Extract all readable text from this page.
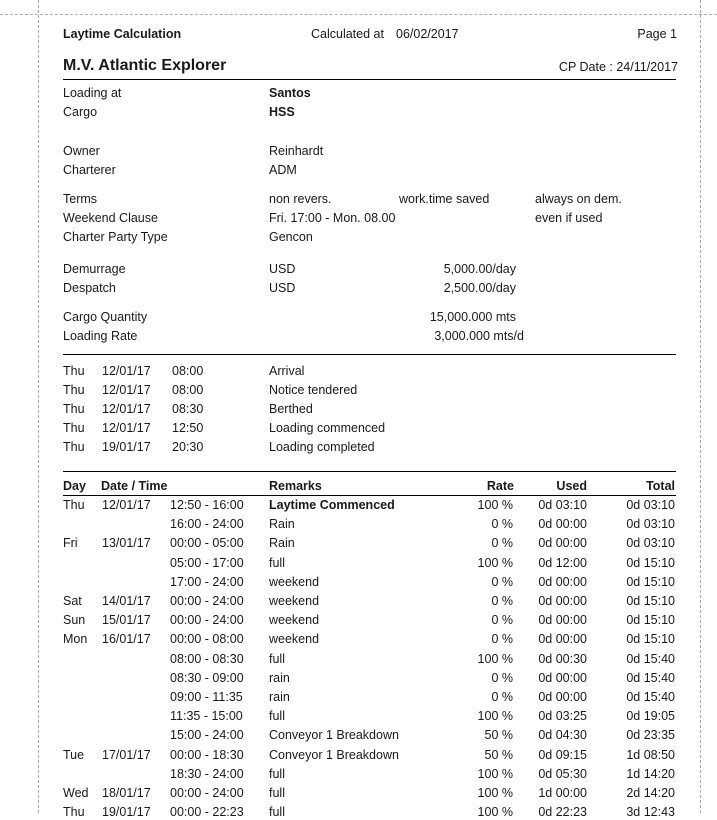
Laytime Calculation	Calculated at 06/02/2017	Page 1
M.V. Atlantic Explorer	CP Date : 24/11/2017
Loading at	Santos
Cargo	HSS
Owner	Reinhardt
Charterer	ADM
Terms	non revers.	work.time saved	always on dem.
Weekend Clause	Fri. 17:00 - Mon. 08.00	even if used
Charter Party Type	Gencon
Demurrage	USD	5,000.00/day
Despatch	USD	2,500.00/day
Cargo Quantity	15,000.000 mts
Loading Rate	3,000.000 mts/d
Thu 12/01/17 08:00	Arrival
Thu 12/01/17 08:00	Notice tendered
Thu 12/01/17 08:30	Berthed
Thu 12/01/17 12:50	Loading commenced
Thu 19/01/17 20:30	Loading completed
Day Date / Time	Remarks	Rate	Used	Total
Thu 12/01/17 12:50 - 16:00 Laytime Commenced	100 % 0d 03:10	0d 03:10
16:00 - 24:00 Rain	0 % 0d 00:00	0d 03:10
Fri 13/01/17 00:00 - 05:00 Rain	0 % 0d 00:00	0d 03:10
05:00 - 17:00 full	100 % 0d 12:00	0d 15:10
17:00 - 24:00 weekend	0 % 0d 00:00	0d 15:10
Sat 14/01/17 00:00 - 24:00 weekend	0 % 0d 00:00	0d 15:10
Sun 15/01/17 00:00 - 24:00 weekend	0 % 0d 00:00	0d 15:10
Mon 16/01/17 00:00 - 08:00 weekend	0 % 0d 00:00	0d 15:10
08:00 - 08:30 full	100 % 0d 00:30	0d 15:40
08:30 - 09:00 rain	0 % 0d 00:00	0d 15:40
09:00 - 11:35 rain	0 % 0d 00:00	0d 15:40
11:35 - 15:00 full	100 % 0d 03:25	0d 19:05
15:00 - 24:00 Conveyor 1 Breakdown	50 % 0d 04:30	0d 23:35
Tue 17/01/17 00:00 - 18:30 Conveyor 1 Breakdown	50 % 0d 09:15	1d 08:50
18:30 - 24:00 full	100 % 0d 05:30	1d 14:20
Wed 18/01/17 00:00 - 24:00 full	100 % 1d 00:00	2d 14:20
Thu 19/01/17 00:00 - 22:23 full	100 % 0d 22:23	3d 12:43
